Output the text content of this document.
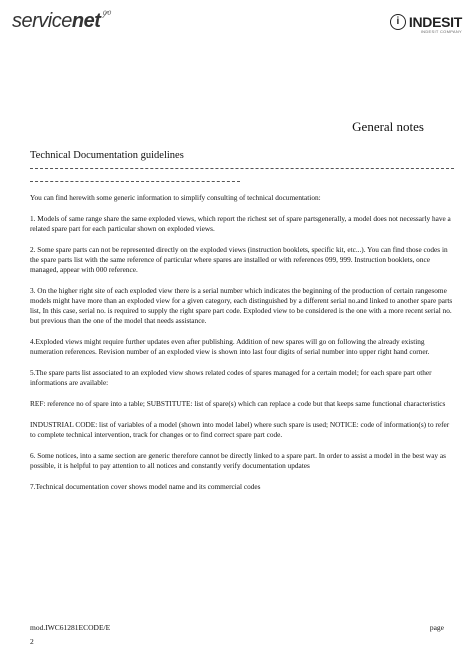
servicenet$^{^0⁄^0}$
i INDESIT
INDESIT COMPANY
General notes
Technical Documentation guidelines

You can find herewith some generic information to simplify consulting of technical documentation:

1. Models of same range share the same exploded views, which report the richest set of spare partsgenerally, a model does not necessarly have a related spare part for each particular shown on exploded views.

2. Some spare parts can not be represented directly on the exploded views (instruction booklets, specific kit, etc...). You can find those codes in the spare parts list with the same reference of particular where spares are installed or with references 099, 999. Instruction booklets, once managed, appear with 000 reference.

3. On the higher right site of each exploded view there is a serial number which indicates the beginning of the production of certain rangesome models might have more than an exploded view for a given category, each distinguished by a different serial no.and linked to another spare parts list, In this case, serial no. is required to supply the right spare part code. Exploded view to be considered is the one with a more recent serial no. but previous than the one of the model that needs assistance.

4.Exploded views might require further updates even after publishing. Addition of new spares will go on following the already existing numeration references. Revision number of an exploded view is shown into last four digits of serial number into upper right hand corner.

5.The spare parts list associated to an exploded view shows related codes of spares managed for a certain model; for each spare part other informations are available:

REF: reference no of spare into a table; SUBSTITUTE: list of spare(s) which can replace a code but that keeps same functional characteristics

INDUSTRIAL CODE: list of variables of a model (shown into model label) where such spare is used; NOTICE: code of information(s) to refer to complete technical intervention, track for changes or to find correct spare part code.

6. Some notices, into a same section are generic therefore cannot be directly linked to a spare part. In order to assist a model in the best way as possible, it is helpful to pay attention to all notices and constantly verify documentation updates

7.Technical documentation cover shows model name and its commercial codes

mod.IWC61281ECODE/E
2
page
